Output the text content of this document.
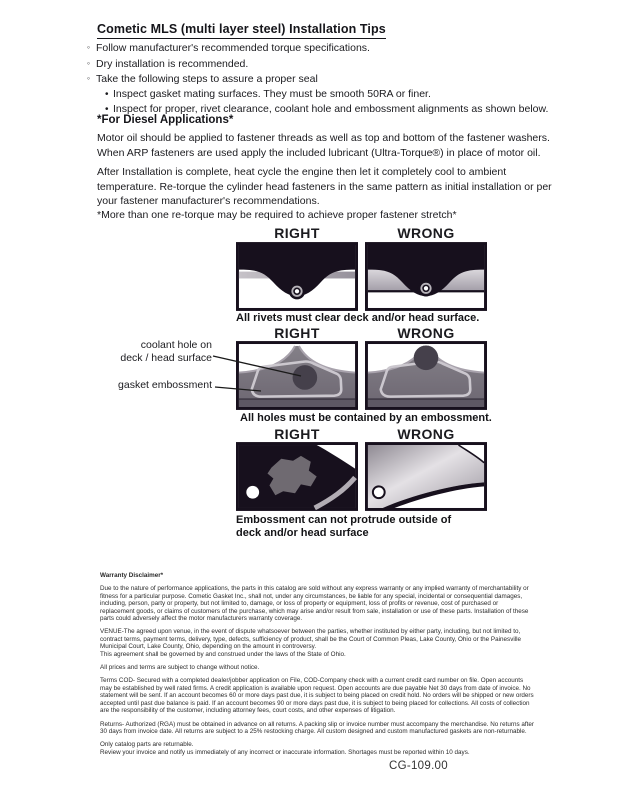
Cometic MLS (multi layer steel) Installation Tips
◦ Follow manufacturer's recommended torque specifications.
◦ Dry installation is recommended.
◦ Take the following steps to assure a proper seal
• Inspect gasket mating surfaces. They must be smooth 50RA or finer.
• Inspect for proper, rivet clearance, coolant hole and embossment alignments as shown below.
*For Diesel Applications*
Motor oil should be applied to fastener threads as well as top and bottom of the fastener washers. When ARP fasteners are used apply the included lubricant (Ultra-Torque®) in place of motor oil.
After Installation is complete, heat cycle the engine then let it completely cool to ambient temperature. Re-torque the cylinder head fasteners in the same pattern as initial installation or per your fastener manufacturer's recommendations.
*More than one re-torque may be required to achieve proper fastener stretch*
RIGHT	WRONG
All rivets must clear deck and/or head surface.
RIGHT	WRONG
coolant hole on
deck / head surface
gasket embossment
All holes must be contained by an embossment.
RIGHT	WRONG
Embossment can not protrude outside of deck and/or head surface
Warranty Disclaimer*
Due to the nature of performance applications, the parts in this catalog are sold without any express warranty or any implied warranty of merchantability or fitness for a particular purpose. Cometic Gasket Inc., shall not, under any circumstances, be liable for any special, incidental or consequential damages, including, person, party or property, but not limited to, damage, or loss of property or equipment, loss of profits or revenue, cost of purchased or replacement goods, or claims of customers of the purchase, which may arise and/or result from sale, installation or use of these parts. Installation of these parts could adversely affect the motor manufacturers warranty coverage.
VENUE-The agreed upon venue, in the event of dispute whatsoever between the parties, whether instituted by either party, including, but not limited to, contract terms, payment terms, delivery, type, defects, sufficiency of product, shall be the Court of Common Pleas, Lake County, Ohio or the Painesville Municipal Court, Lake County, Ohio, depending on the amount in controversy.
This agreement shall be governed by and construed under the laws of the State of Ohio.
All prices and terms are subject to change without notice.
Terms COD- Secured with a completed dealer/jobber application on File, COD-Company check with a current credit card number on file. Open accounts may be established by well rated firms. A credit application is available upon request. Open accounts are due payable Net 30 days from date of invoice. No statement will be sent. If an account becomes 60 or more days past due, it is subject to being placed on credit hold. No orders will be shipped or new orders accepted until past due balance is paid. If an account becomes 90 or more days past due, it is subject to being placed for collections. All costs of collection are the responsibility of the customer, including attorney fees, court costs, and other expenses of litigation.
Returns- Authorized (RGA) must be obtained in advance on all returns. A packing slip or invoice number must accompany the merchandise. No returns after 30 days from invoice date. All returns are subject to a 25% restocking charge. All custom designed and custom manufactured gaskets are non-returnable.
Only catalog parts are returnable.
Review your invoice and notify us immediately of any incorrect or inaccurate information. Shortages must be reported within 10 days.
CG-109.00
